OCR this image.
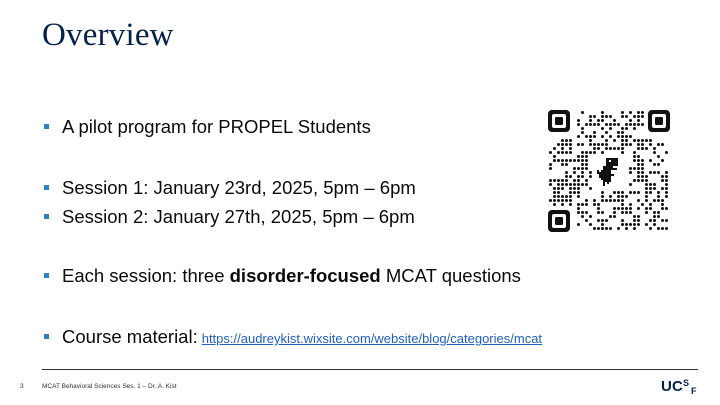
Overview
A pilot program for PROPEL Students
Session 1: January 23rd, 2025, 5pm – 6pm
Session 2: January 27th, 2025, 5pm – 6pm
Each session: three disorder-focused MCAT questions
Course material: https://audreykist.wixsite.com/website/blog/categories/mcat
3	MCAT Behavioral Sciences Ses. 1 – Dr. A. Kist	U C S
F
